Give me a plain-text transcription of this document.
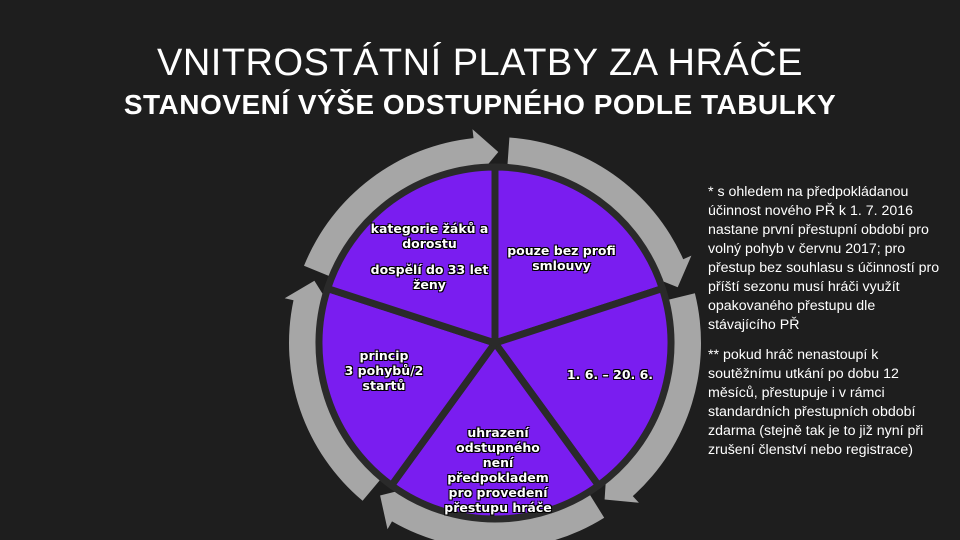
VNITROSTÁTNÍ PLATBY ZA HRÁČE
STANOVENÍ VÝŠE ODSTUPNÉHO PODLE TABULKY
pouze bez profi
smlouvy
1. 6. – 20. 6.
uhrazení
odstupného
není
předpokladem
pro provedení
přestupu hráče
princip
3 pohybů/2
startů
kategorie žáků a
dorostu
dospělí do 33 let
ženy
* s ohledem na předpokládanou účinnost nového PŘ k 1. 7. 2016 nastane první přestupní období pro volný pohyb v červnu 2017; pro přestup bez souhlasu s účinností pro příští sezonu musí hráči využít opakovaného přestupu dle stávajícího PŘ
** pokud hráč nenastoupí k soutěžnímu utkání po dobu 12 měsíců, přestupuje i v rámci standardních přestupních období zdarma (stejně tak je to již nyní při zrušení členství nebo registrace)
